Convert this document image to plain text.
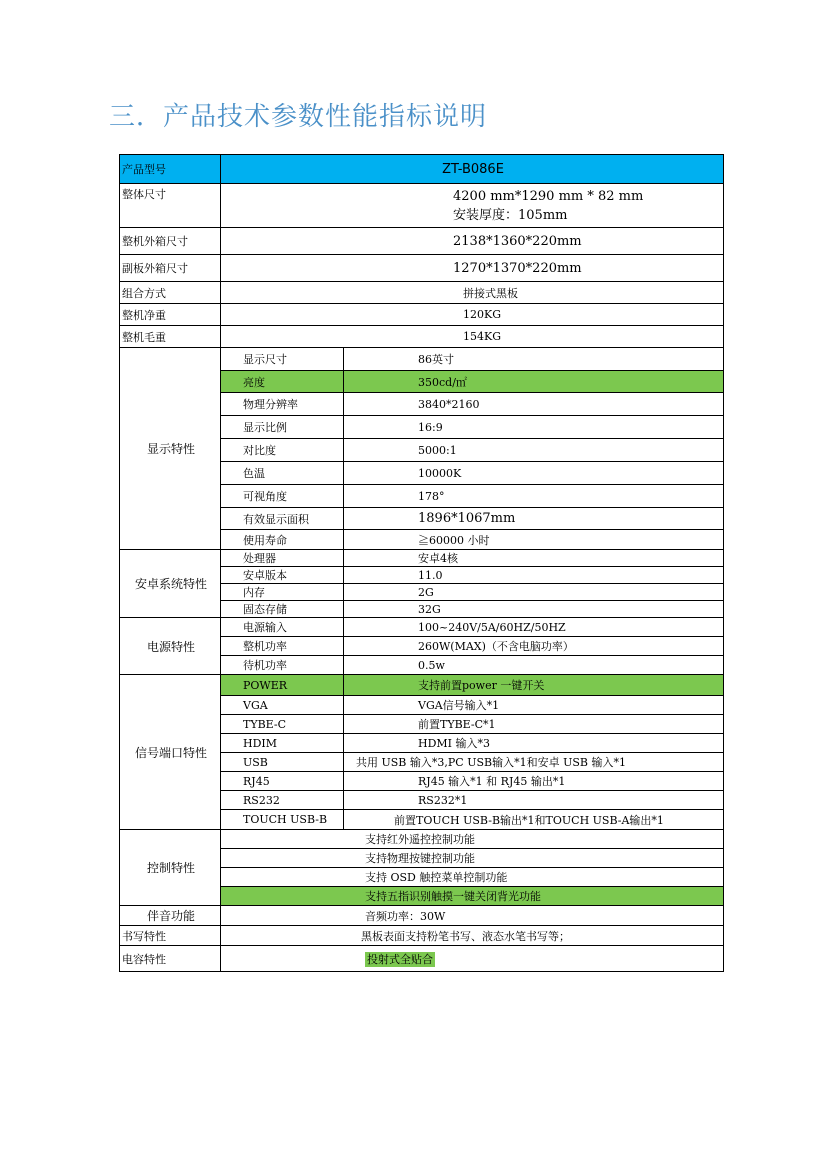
三．产品技术参数性能指标说明
产品型号	ZT-B086E	
整体尺寸	4200 mm*1290 mm * 82 mm
安装厚度：105mm	

整机外箱尺寸	2138*1360*220mm	
副板外箱尺寸	1270*1370*220mm	
组合方式	拼接式黑板	
整机净重	120KG	
整机毛重	154KG	
显示特性	显示尺寸	86英寸
	亮度	350cd/㎡
	物理分辨率	3840*2160
	显示比例	16:9
	对比度	5000:1
	色温	10000K
	可视角度	178°
	有效显示面积	1896*1067mm
	使用寿命	≧60000 小时
安卓系统特性	处理器	安卓4核
	安卓版本	11.0
	内存	2G
	固态存储	32G
电源特性	电源输入	100~240V/5A/60HZ/50HZ
	整机功率	260W(MAX)（不含电脑功率）
	待机功率	0.5w
信号端口特性	POWER	支持前置power 一键开关
	VGA	VGA信号输入*1
	TYBE-C	前置TYBE-C*1
	HDIM	HDMI 输入*3
	USB	共用 USB 输入*3,PC USB输入*1和安卓 USB 输入*1
	RJ45	RJ45 输入*1 和 RJ45 输出*1
	RS232	RS232*1
	TOUCH USB-B	前置TOUCH USB-B输出*1和TOUCH USB-A输出*1
控制特性	支持红外遥控控制功能	
	支持物理按键控制功能	
	支持 OSD 触控菜单控制功能	
	支持五指识别触摸一键关闭背光功能	
伴音功能	音频功率：30W	
书写特性	黑板表面支持粉笔书写、液态水笔书写等；	
电容特性	投射式全贴合	
